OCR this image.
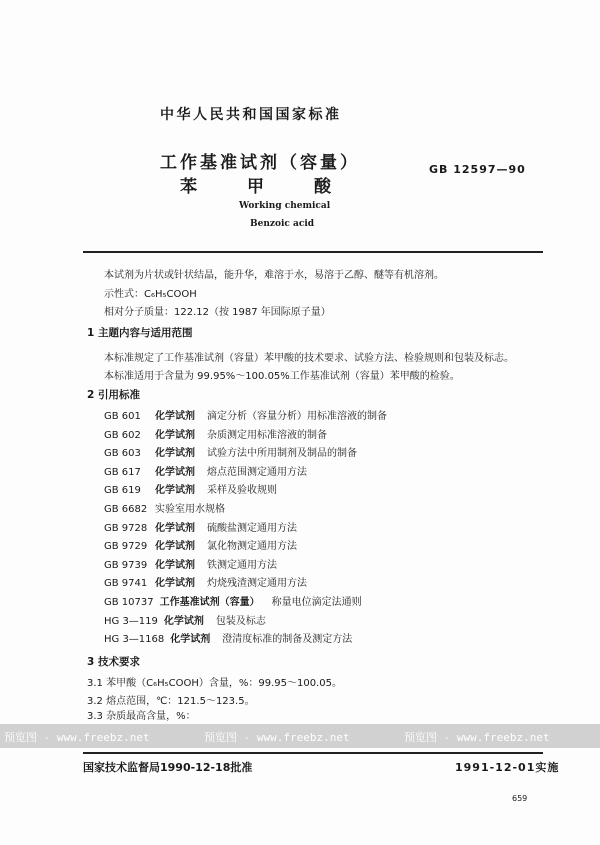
中华人民共和国国家标准
工作基准试剂（容量）
苯	甲	酸
GB 12597—90
Working chemical
Benzoic acid
本试剂为片状或针状结晶，能升华，难溶于水，易溶于乙醇、醚等有机溶剂。
示性式：C₆H₅COOH
相对分子质量：122.12（按 1987 年国际原子量）
1 主题内容与适用范围
本标准规定了工作基准试剂（容量）苯甲酸的技术要求、试验方法、检验规则和包装及标志。
本标准适用于含量为 99.95%～100.05%工作基准试剂（容量）苯甲酸的检验。
2 引用标准
GB 601 化学试剂 滴定分析（容量分析）用标准溶液的制备
GB 602 化学试剂 杂质测定用标准溶液的制备
GB 603 化学试剂 试验方法中所用制剂及制品的制备
GB 617 化学试剂 熔点范围测定通用方法
GB 619 化学试剂 采样及验收规则
GB 6682 实验室用水规格
GB 9728 化学试剂 硫酸盐测定通用方法
GB 9729 化学试剂 氯化物测定通用方法
GB 9739 化学试剂 铁测定通用方法
GB 9741 化学试剂 灼烧残渣测定通用方法
GB 10737 工作基准试剂（容量） 称量电位滴定法通则
HG 3—119 化学试剂 包装及标志
HG 3—1168 化学试剂 澄清度标准的制备及测定方法
3 技术要求
3.1 苯甲酸（C₆H₅COOH）含量，%：99.95～100.05。
3.2 熔点范围，℃：121.5～123.5。
3.3 杂质最高含量，%：
预览图 - www.freebz.net	预览图 - www.freebz.net	预览图 - www.freebz.net
国家技术监督局1990-12-18批准	1991-12-01实施
659
